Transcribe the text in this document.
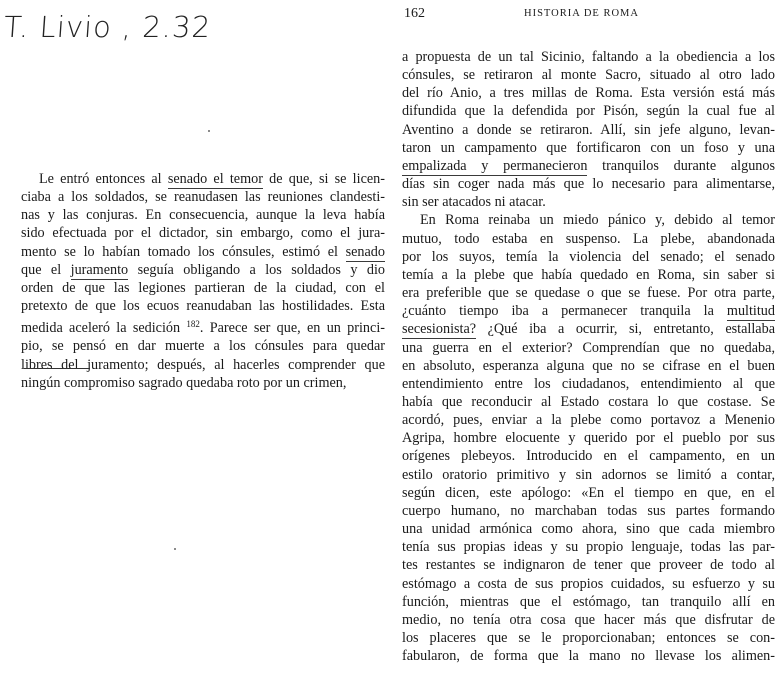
T. Livio , 2.32
Le entró entonces al senado el temor de que, si se licen-
ciaba a los soldados, se reanudasen las reuniones clandesti-
nas y las conjuras. En consecuencia, aunque la leva había
sido efectuada por el dictador, sin embargo, como el jura-
mento se lo habían tomado los cónsules, estimó el senado
que el juramento seguía obligando a los soldados y dio
orden de que las legiones partieran de la ciudad, con el
pretexto de que los ecuos reanudaban las hostilidades. Esta
medida aceleró la sedición $^{182}$. Parece ser que, en un princi-
pio, se pensó en dar muerte a los cónsules para quedar
libres del juramento; después, al hacerles comprender que
ningún compromiso sagrado quedaba roto por un crimen,
162	HISTORIA DE ROMA
a propuesta de un tal Sicinio, faltando a la obediencia a los
cónsules, se retiraron al monte Sacro, situado al otro lado
del río Anio, a tres millas de Roma. Esta versión está más
difundida que la defendida por Pisón, según la cual fue al
Aventino a donde se retiraron. Allí, sin jefe alguno, levan-
taron un campamento que fortificaron con un foso y una
empalizada y permanecieron tranquilos durante algunos
días sin coger nada más que lo necesario para alimentarse,
sin ser atacados ni atacar.
En Roma reinaba un miedo pánico y, debido al temor
mutuo, todo estaba en suspenso. La plebe, abandonada
por los suyos, temía la violencia del senado; el senado
temía a la plebe que había quedado en Roma, sin saber si
era preferible que se quedase o que se fuese. Por otra parte,
¿cuánto tiempo iba a permanecer tranquila la multitud
secesionista? ¿Qué iba a ocurrir, si, entretanto, estallaba
una guerra en el exterior? Comprendían que no quedaba,
en absoluto, esperanza alguna que no se cifrase en el buen
entendimiento entre los ciudadanos, entendimiento al que
había que reconducir al Estado costara lo que costase. Se
acordó, pues, enviar a la plebe como portavoz a Menenio
Agripa, hombre elocuente y querido por el pueblo por sus
orígenes plebeyos. Introducido en el campamento, en un
estilo oratorio primitivo y sin adornos se limitó a contar,
según dicen, este apólogo: «En el tiempo en que, en el
cuerpo humano, no marchaban todas sus partes formando
una unidad armónica como ahora, sino que cada miembro
tenía sus propias ideas y su propio lenguaje, todas las par-
tes restantes se indignaron de tener que proveer de todo al
estómago a costa de sus propios cuidados, su esfuerzo y su
función, mientras que el estómago, tan tranquilo allí en
medio, no tenía otra cosa que hacer más que disfrutar de
los placeres que se le proporcionaban; entonces se con-
fabularon, de forma que la mano no llevase los alimen-
